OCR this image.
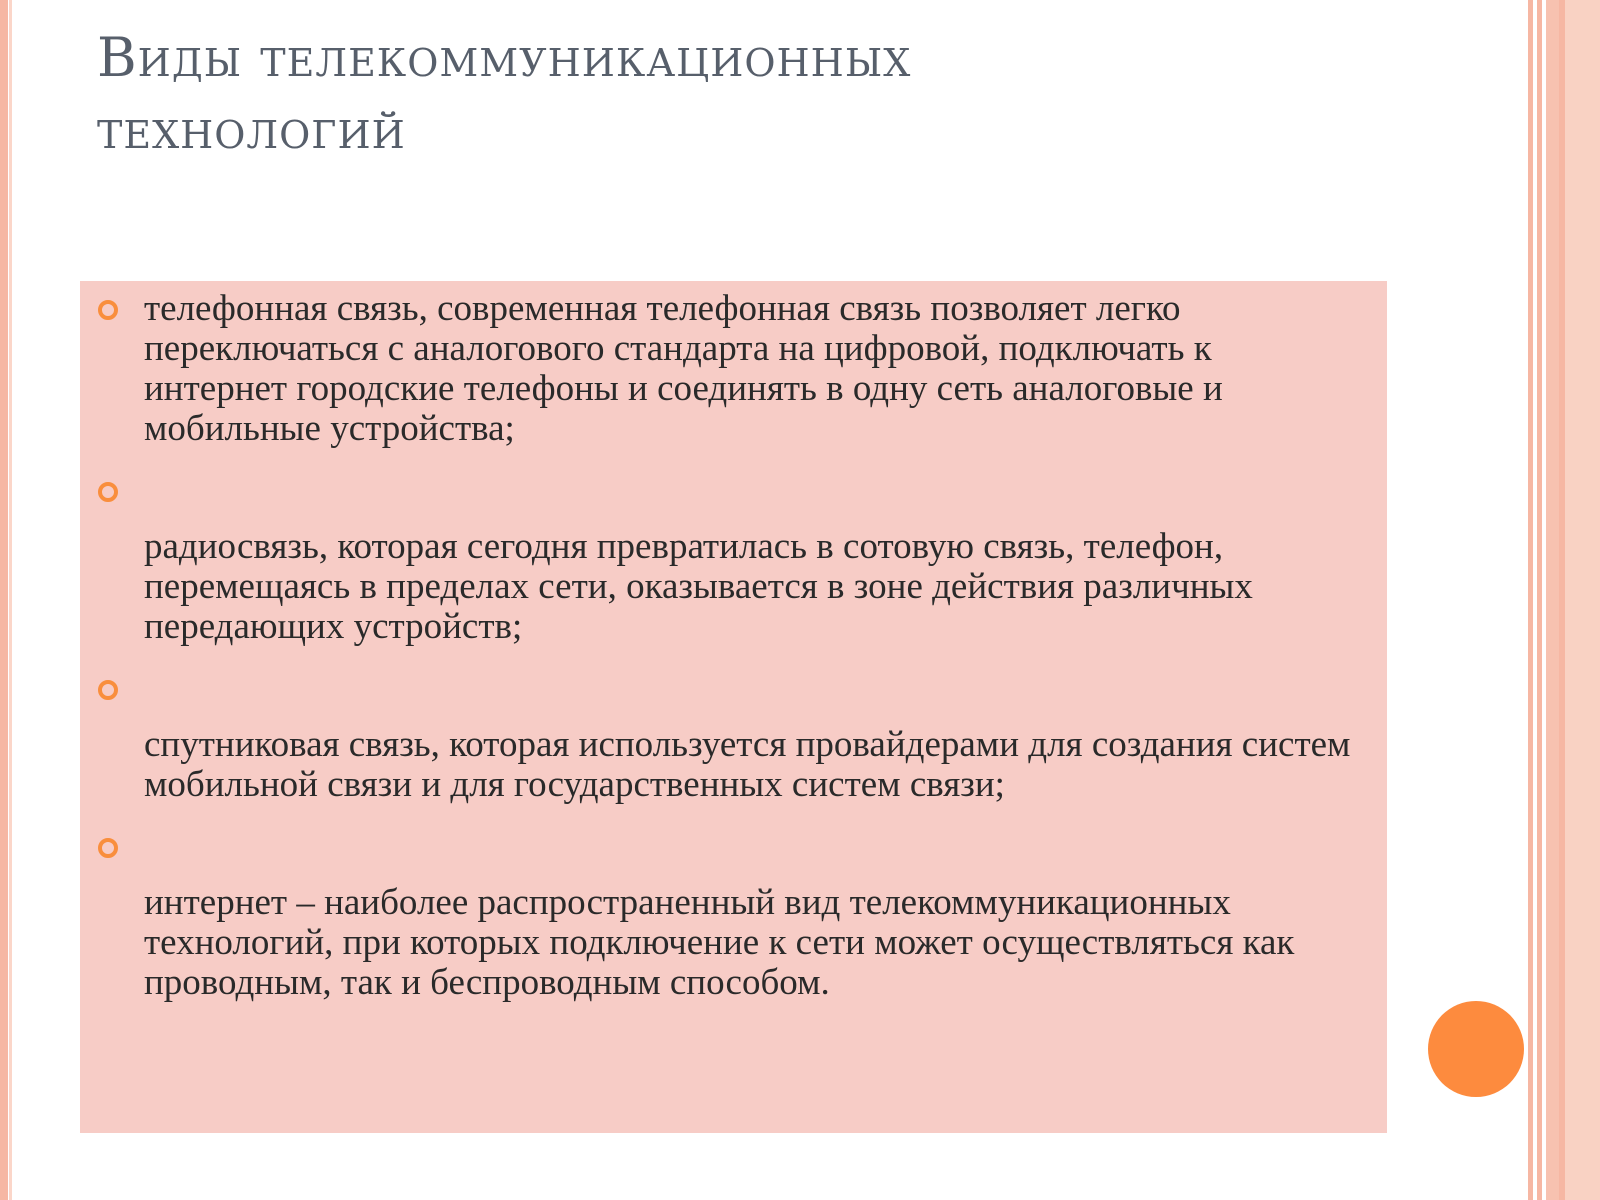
Виды телекоммуникационных
технологий
телефонная связь, современная телефонная связь позволяет легко переключаться с аналогового стандарта на цифровой, подключать к интернет городские телефоны и соединять в одну сеть аналоговые и мобильные устройства;
радиосвязь, которая сегодня превратилась в сотовую связь, телефон, перемещаясь в пределах сети, оказывается в зоне действия различных передающих устройств;
спутниковая связь, которая используется провайдерами для создания систем мобильной связи и для государственных систем связи;
интернет – наиболее распространенный вид телекоммуникационных технологий, при которых подключение к сети может осуществляться как проводным, так и беспроводным способом.
